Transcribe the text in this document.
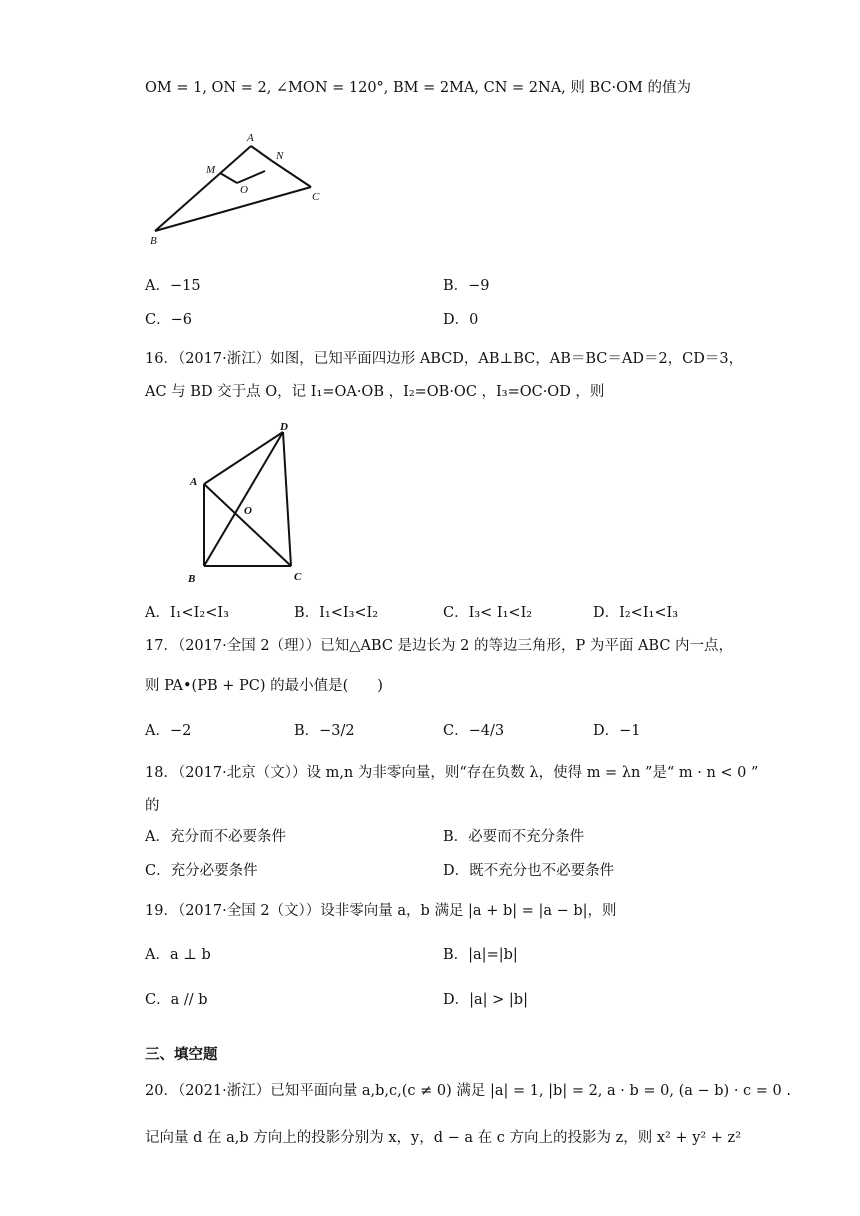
OM = 1, ON = 2, ∠MON = 120°, BM = 2MA, CN = 2NA, 则 BC·OM 的值为
A
M
N
O
C
B
A．−15	B．−9
C．−6	D．0
16．（2017·浙江）如图，已知平面四边形 ABCD，AB⊥BC，AB＝BC＝AD＝2，CD＝3，
AC 与 BD 交于点 O，记 I₁=OA·OB ，I₂=OB·OC ，I₃=OC·OD ，则
D
A
O
B	C
A．I₁<I₂<I₃	B．I₁<I₃<I₂	C．I₃< I₁<I₂	D．I₂<I₁<I₃
17．（2017·全国 2（理））已知△ABC 是边长为 2 的等边三角形，P 为平面 ABC 内一点，
则 PA•(PB + PC) 的最小值是(　　)
A．−2	B．−3/2	C．−4/3	D．−1
18．（2017·北京（文））设 m,n 为非零向量，则“存在负数 λ，使得 m = λn ”是“ m · n < 0 ”
的
A．充分而不必要条件	B．必要而不充分条件
C．充分必要条件	D．既不充分也不必要条件
19．（2017·全国 2（文））设非零向量 a，b 满足 |a + b| = |a − b|，则
A．a ⊥ b	B．|a|=|b|
C．a // b	D．|a| > |b|
三、填空题
20．（2021·浙江）已知平面向量 a,b,c,(c ≠ 0) 满足 |a| = 1, |b| = 2, a · b = 0, (a − b) · c = 0 .
记向量 d 在 a,b 方向上的投影分别为 x，y，d − a 在 c 方向上的投影为 z，则 x² + y² + z²
